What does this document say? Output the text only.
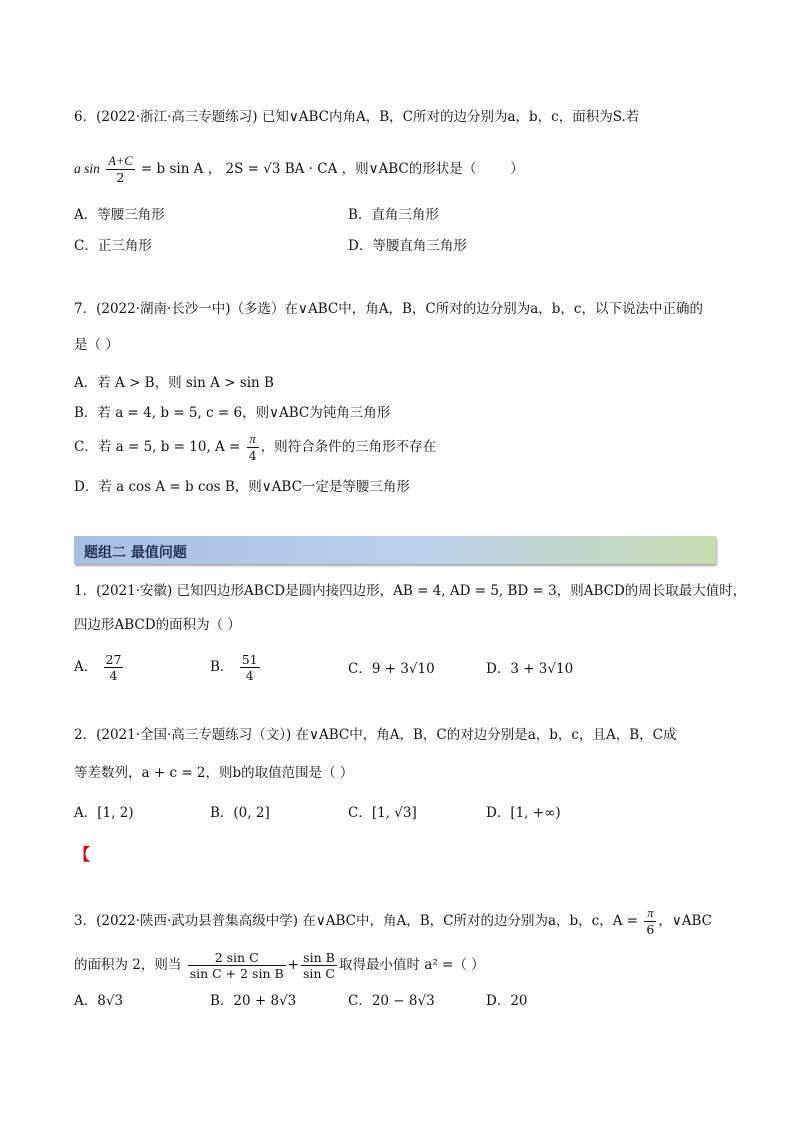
6．(2022·浙江·高三专题练习) 已知∨ABC内角A，B，C所对的边分别为a，b，c，面积为S.若
a $\sin \frac{A+C}{2} = b$ sin A ， 2S = √3 BA · CA ，则∨ABC的形状是（	）
A．等腰三角形	B．直角三角形
C．正三角形	D．等腰直角三角形
7．(2022·湖南·长沙一中)（多选）在∨ABC中，角A，B，C所对的边分别为a，b，c，以下说法中正确的
是（ ）
A．若 A > B，则 sin A > sin B
B．若 a = 4, b = 5, c = 6，则∨ABC为钝角三角形
C．若 a = 5, b = 10, $A = \frac{\pi}{4}$ ，则符合条件的三角形不存在
D．若 a cos A = b cos B，则∨ABC一定是等腰三角形
题组二 最值问题
1．(2021·安徽) 已知四边形ABCD是圆内接四边形，AB = 4, AD = 5, BD = 3，则ABCD的周长取最大值时，
四边形ABCD的面积为（ ）
A． $\frac{27}{4}$	B． $\frac{51}{4}$	C．9 + 3√10	D．3 + 3√10
2．(2021·全国·高三专题练习（文）) 在∨ABC中，角A，B，C的对边分别是a，b，c，且A，B，C成
等差数列，a + c = 2，则b的取值范围是（ ）
A．[1, 2)	B．(0, 2]	C．[1, √3]	D．[1, +∞)
【
3．(2022·陕西·武功县普集高级中学) 在∨ABC中，角A，B，C所对的边分别为a，b，c，$A = \frac{\pi}{6}$ ，∨ABC
的面积为 2，则当 $\frac{\text{2 sin C}}{\text{sin C + 2 sin B}} + \frac{\text{sin B}}{\text{sin C}}$ 取得最小值时 a² =（ ）
A．8√3	B．20 + 8√3	C．20 − 8√3	D．20
